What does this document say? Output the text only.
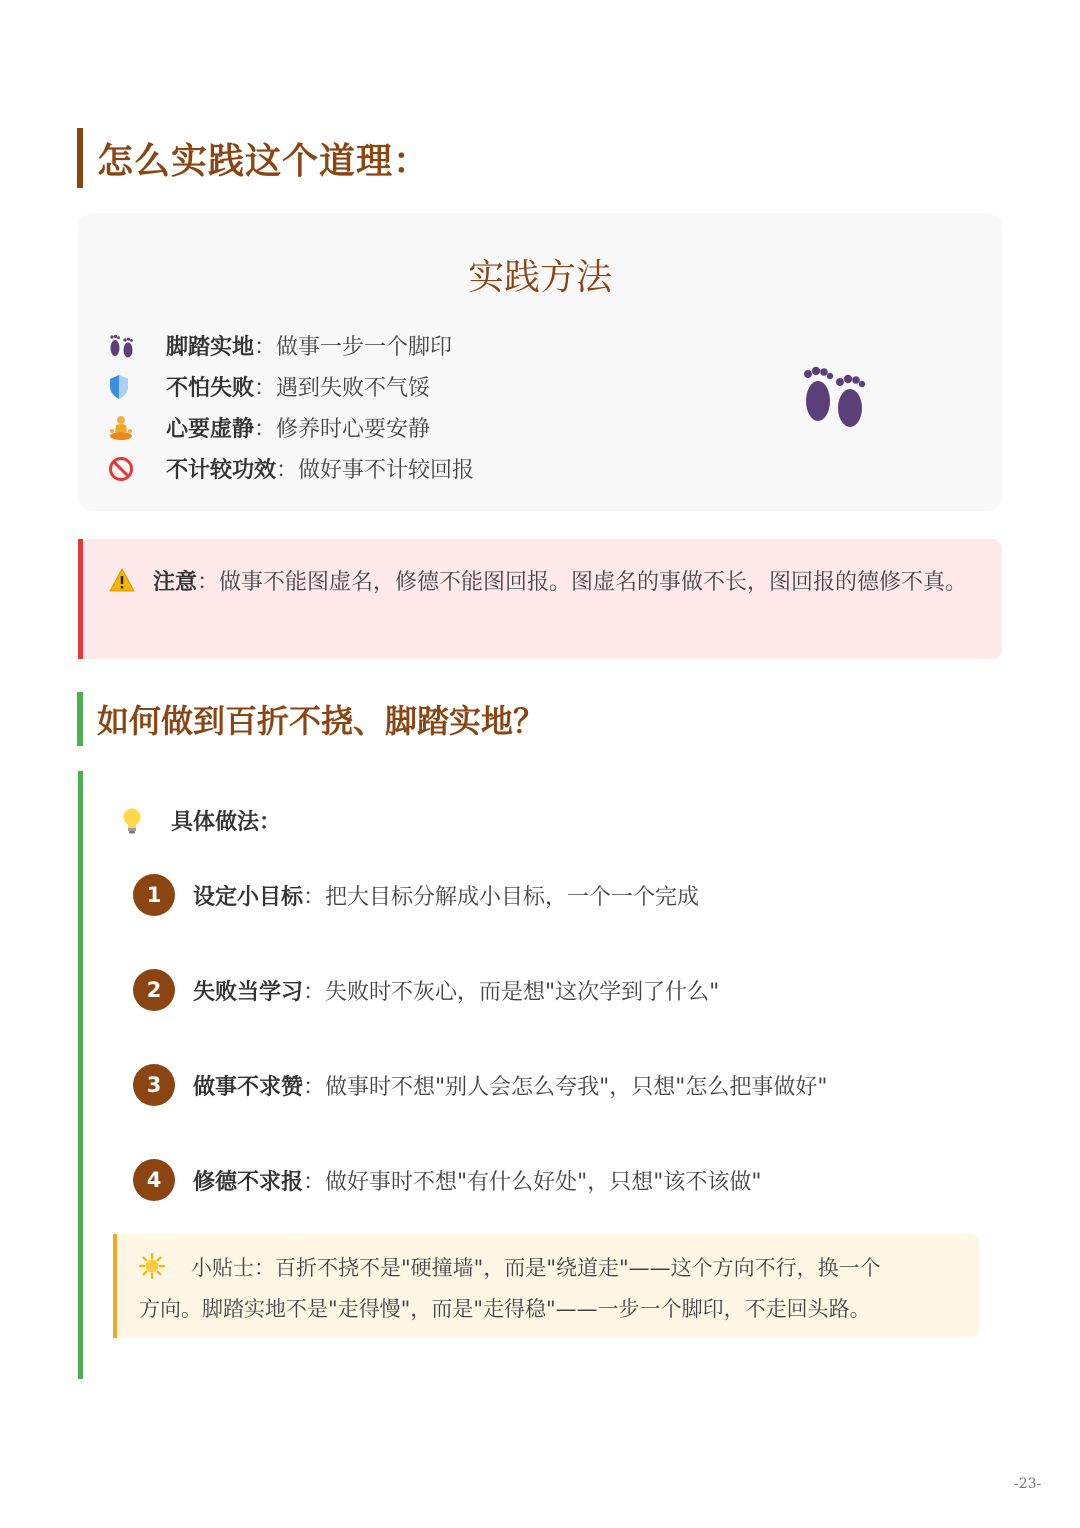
怎么实践这个道理：
实践方法
脚踏实地 ：做事一步一个脚印
不怕失败 ：遇到失败不气馁
心要虚静 ：修养时心要安静
不计较功效 ：做好事不计较回报
注意：做事不能图虚名，修德不能图回报。图虚名的事做不长，图回报的德修不真。
如何做到百折不挠、脚踏实地？
具体做法：
1	设定小目标 ：把大目标分解成小目标，一个一个完成
2	失败当学习 ：失败时不灰心，而是想"这次学到了什么"
3	做事不求赞 ：做事时不想"别人会怎么夸我"，只想"怎么把事做好"
4	修德不求报 ：做好事时不想"有什么好处"，只想"该不该做"
小贴士：百折不挠不是"硬撞墙"，而是"绕道走"——这个方向不行，换一个
方向。脚踏实地不是"走得慢"，而是"走得稳"——一步一个脚印，不走回头路。
-23-
